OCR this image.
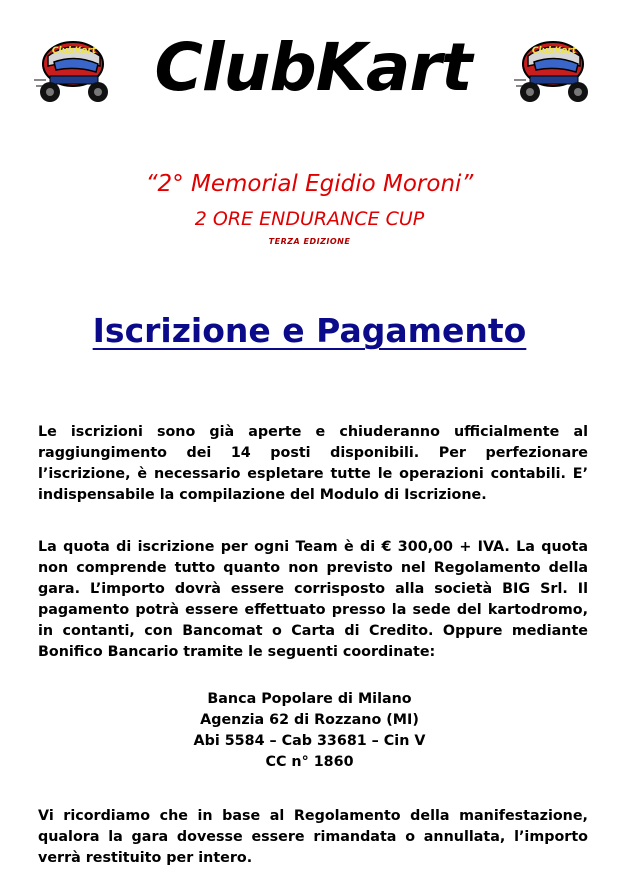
ClubKart ClubKart	ClubKart
“2° Memorial Egidio Moroni”
2 ORE ENDURANCE CUP
TERZA EDIZIONE
Iscrizione e Pagamento
Le iscrizioni sono già aperte e chiuderanno ufficialmente al raggiungimento dei 14 posti disponibili. Per perfezionare l’iscrizione, è necessario espletare tutte le operazioni contabili. E’ indispensabile la compilazione del Modulo di Iscrizione.
La quota di iscrizione per ogni Team è di € 300,00 + IVA. La quota non comprende tutto quanto non previsto nel Regolamento della gara. L’importo dovrà essere corrisposto alla società BIG Srl. Il pagamento potrà essere effettuato presso la sede del kartodromo, in contanti, con Bancomat o Carta di Credito. Oppure mediante Bonifico Bancario tramite le seguenti coordinate:
Banca Popolare di Milano
Agenzia 62 di Rozzano (MI)
Abi 5584 – Cab 33681 – Cin V
CC n° 1860
Vi ricordiamo che in base al Regolamento della manifestazione, qualora la gara dovesse essere rimandata o annullata, l’importo verrà restituito per intero.
